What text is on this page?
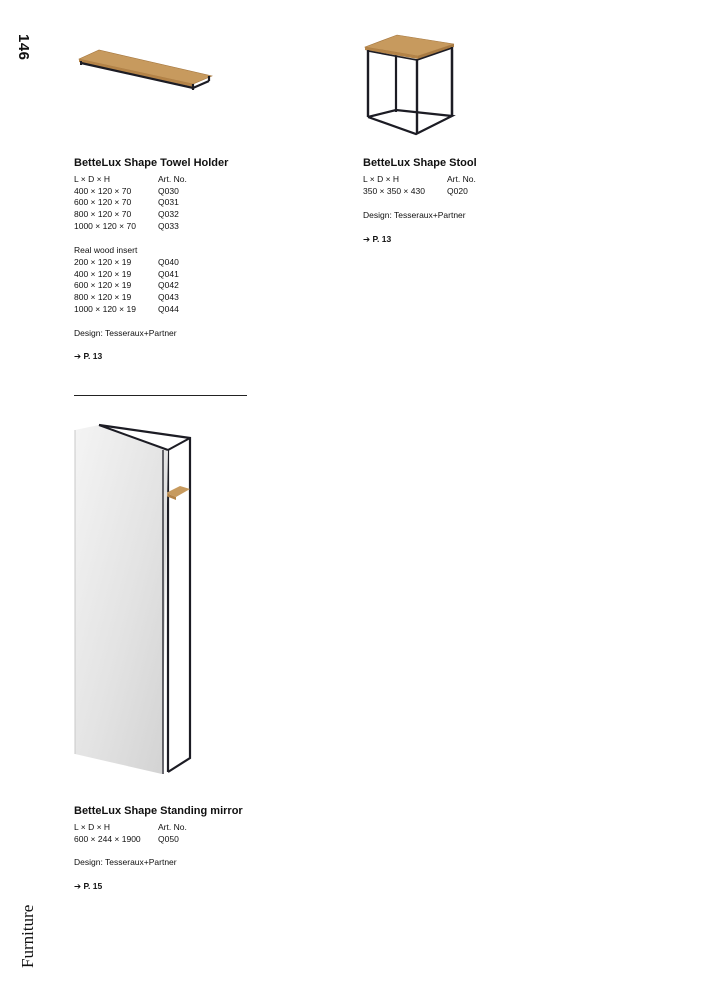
146
Furniture
BetteLux Shape Towel Holder
L × D × H	Art. No.
400 × 120 × 70	Q030
600 × 120 × 70	Q031
800 × 120 × 70	Q032
1000 × 120 × 70	Q033
Real wood insert
200 × 120 × 19	Q040
400 × 120 × 19	Q041
600 × 120 × 19	Q042
800 × 120 × 19	Q043
1000 × 120 × 19	Q044
Design: Tesseraux+Partner
➔ P. 13
BetteLux Shape Stool
L × D × H	Art. No.
350 × 350 × 430	Q020
Design: Tesseraux+Partner
➔ P. 13
BetteLux Shape Standing mirror
L × D × H	Art. No.
600 × 244 × 1900	Q050
Design: Tesseraux+Partner
➔ P. 15
